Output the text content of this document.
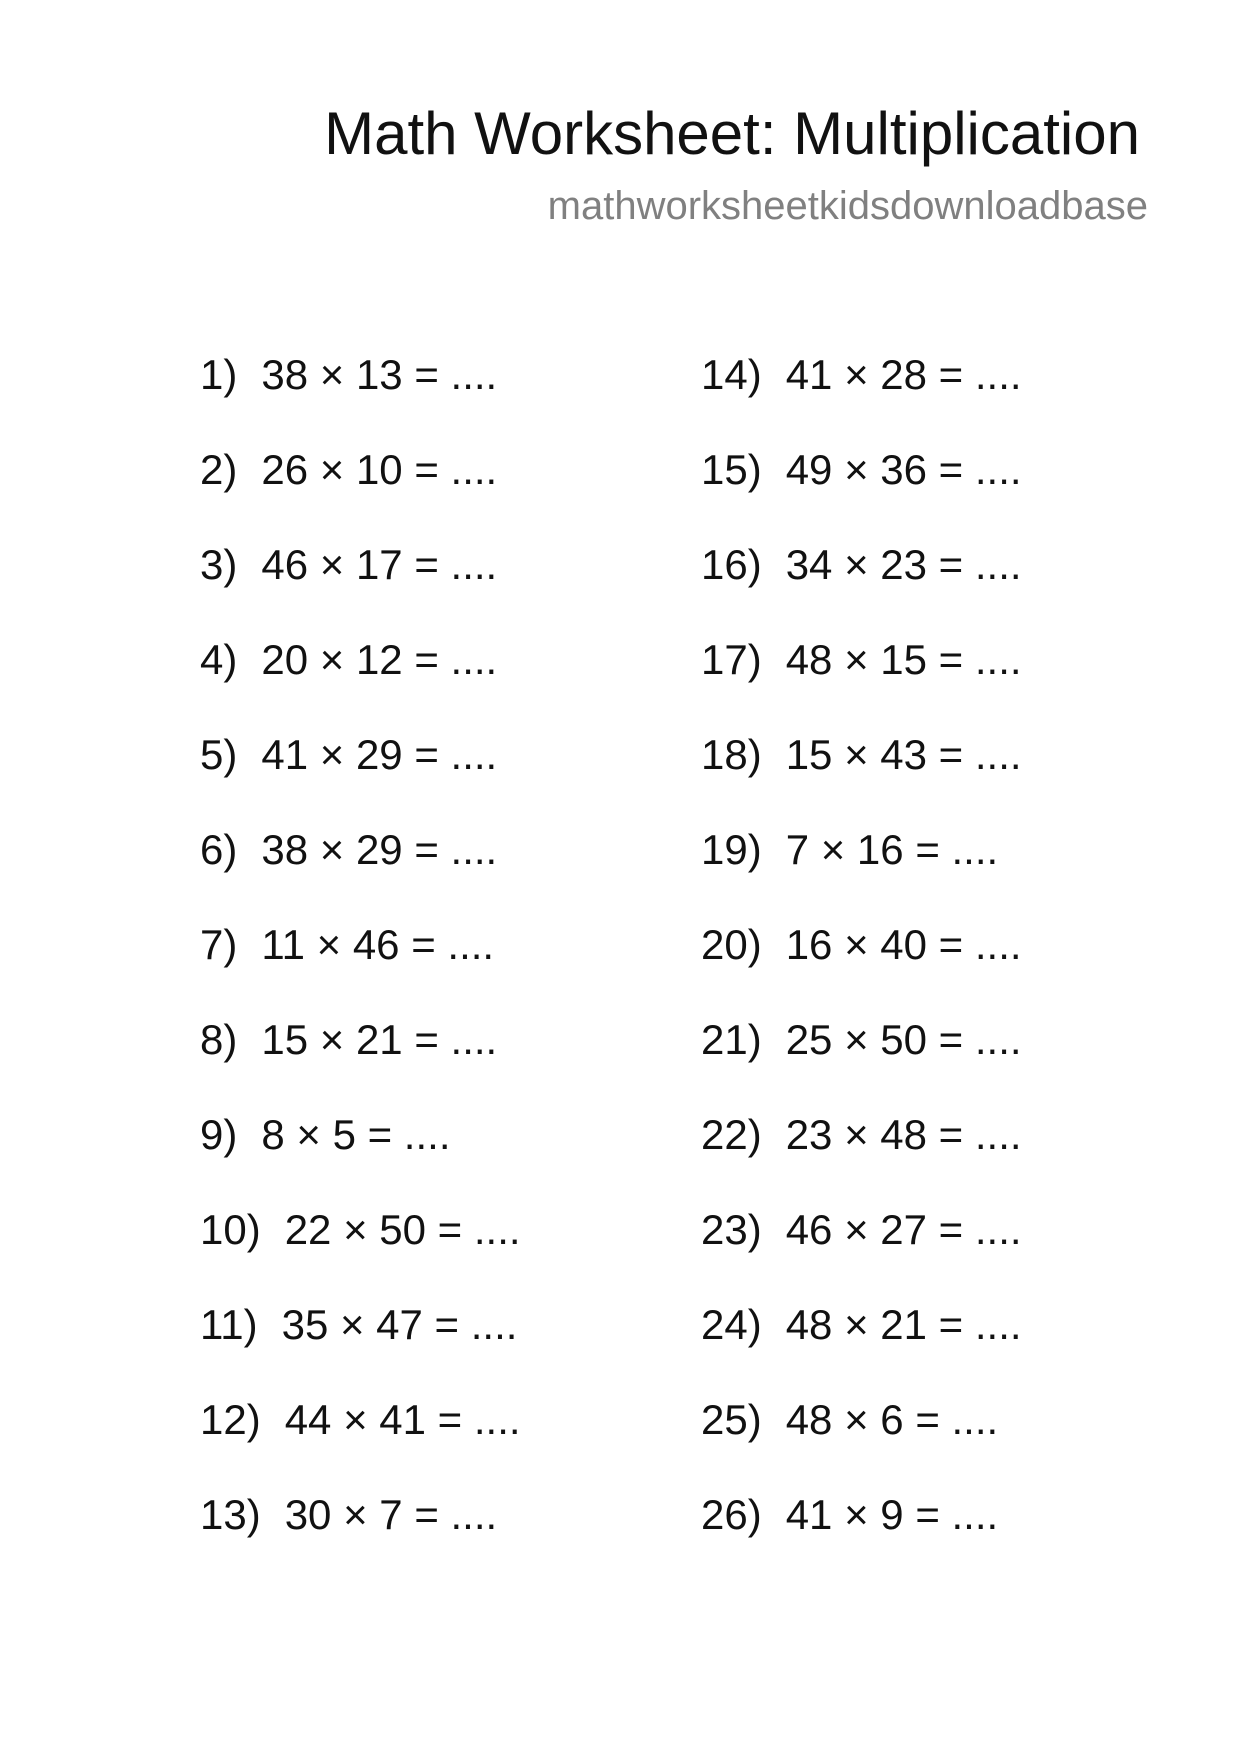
Math Worksheet: Multiplication
mathworksheetkidsdownloadbase
1) 38 × 13 = ....
2) 26 × 10 = ....
3) 46 × 17 = ....
4) 20 × 12 = ....
5) 41 × 29 = ....
6) 38 × 29 = ....
7) 11 × 46 = ....
8) 15 × 21 = ....
9) 8 × 5 = ....
10) 22 × 50 = ....
11) 35 × 47 = ....
12) 44 × 41 = ....
13) 30 × 7 = ....
14) 41 × 28 = ....
15) 49 × 36 = ....
16) 34 × 23 = ....
17) 48 × 15 = ....
18) 15 × 43 = ....
19) 7 × 16 = ....
20) 16 × 40 = ....
21) 25 × 50 = ....
22) 23 × 48 = ....
23) 46 × 27 = ....
24) 48 × 21 = ....
25) 48 × 6 = ....
26) 41 × 9 = ....
